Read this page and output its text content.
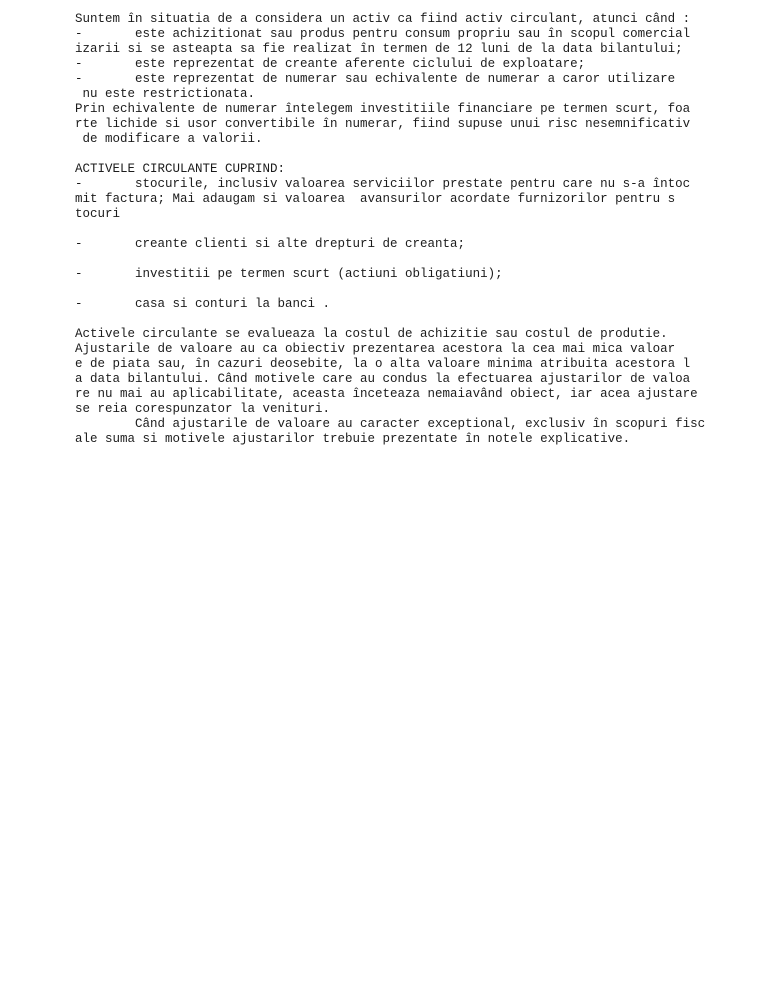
Suntem în situatia de a considera un activ ca fiind activ circulant, atunci când :
-       este achizitionat sau produs pentru consum propriu sau în scopul comercial
izarii si se asteapta sa fie realizat în termen de 12 luni de la data bilantului;
-       este reprezentat de creante aferente ciclului de exploatare;
-       este reprezentat de numerar sau echivalente de numerar a caror utilizare
nu este restrictionata.
Prin echivalente de numerar întelegem investitiile financiare pe termen scurt, foa
rte lichide si usor convertibile în numerar, fiind supuse unui risc nesemnificativ
de modificare a valorii.
ACTIVELE CIRCULANTE CUPRIND:
-       stocurile, inclusiv valoarea serviciilor prestate pentru care nu s-a întoc
mit factura; Mai adaugam si valoarea  avansurilor acordate furnizorilor pentru s
tocuri
-       creante clienti si alte drepturi de creanta;
-       investitii pe termen scurt (actiuni obligatiuni);
-       casa si conturi la banci .
Activele circulante se evalueaza la costul de achizitie sau costul de produtie.
Ajustarile de valoare au ca obiectiv prezentarea acestora la cea mai mica valoar
e de piata sau, în cazuri deosebite, la o alta valoare minima atribuita acestora l
a data bilantului. Când motivele care au condus la efectuarea ajustarilor de valoa
re nu mai au aplicabilitate, aceasta înceteaza nemaiavând obiect, iar acea ajustare
se reia corespunzator la venituri.
Când ajustarile de valoare au caracter exceptional, exclusiv în scopuri fisc
ale suma si motivele ajustarilor trebuie prezentate în notele explicative.
